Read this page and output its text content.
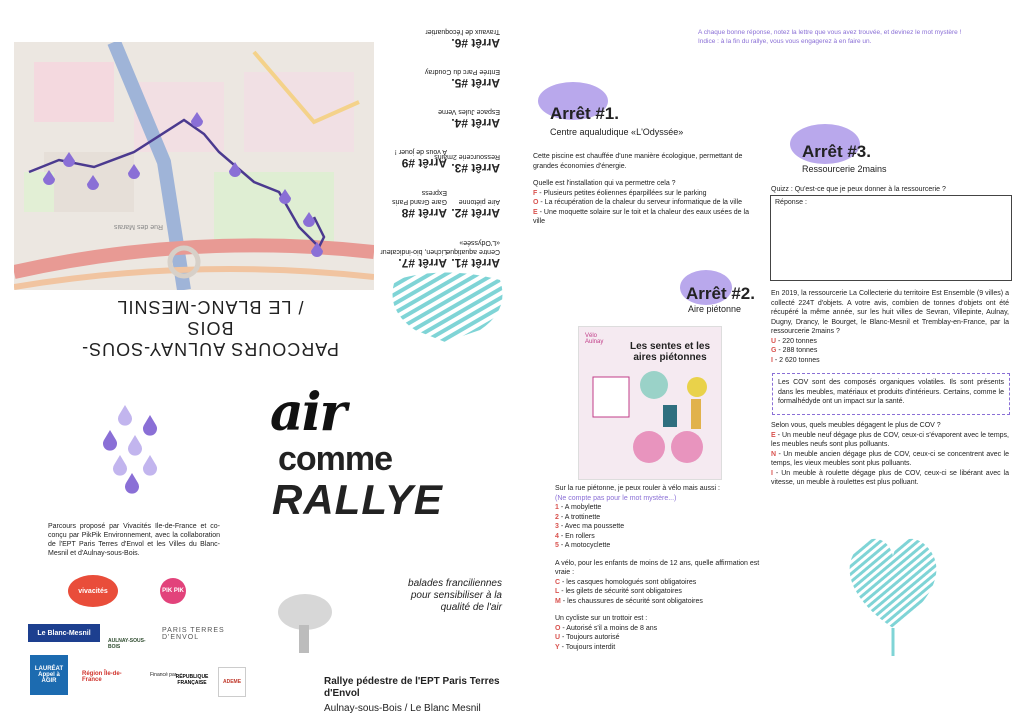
Rue des Marais
PARCOURS AULNAY-SOUS-BOIS
/ LE BLANC-MESNIL
Arrêt #1.
Centre aquatique «L'Odyssée»
Arrêt #2.
Aire piétonne
Arrêt #3.
Ressourcerie 2mains
Arrêt #4.
Espace Jules Verne
Arrêt #5.
Entrée Parc du Coudray
Arrêt #6.
Travaux de l'écoquartier
Arrêt #7.
Lichen, bio-indicateur
Arrêt #8
Gare Grand Paris Express
Arrêt #9
A vous de jouer !
Parcours proposé par Vivacités Ile-de-France et co-conçu par PikPik Environnement, avec la collaboration de l'EPT Paris Terres d'Envol et les Villes du Blanc-Mesnil et d'Aulnay-sous-Bois.
vivacités	PIK PIK
Le Blanc-Mesnil
AULNAY-SOUS-BOIS
PARIS TERRES D'ENVOL
LAURÉAT Appel à AGIR
Région Île-de-France
Financé par RÉPUBLIQUE FRANÇAISE	ADEME
air
comme
RALLYE
balades franciliennes pour sensibiliser à la qualité de l'air
Rallye pédestre de l'EPT Paris Terres d'Envol
Aulnay-sous-Bois / Le Blanc Mesnil
A chaque bonne réponse, notez la lettre que vous avez trouvée, et devinez le mot mystère !
Indice : à la fin du rallye, vous vous engagerez à en faire un.
Arrêt #1.
Centre aqualudique «L'Odyssée»
Cette piscine est chauffée d'une manière écologique, permettant de grandes économies d'énergie.
Quelle est l'installation qui va permettre cela ?
F - Plusieurs petites éoliennes éparpillées sur le parking
O - La récupération de la chaleur du serveur informatique de la ville
E - Une moquette solaire sur le toit et la chaleur des eaux usées de la ville
Arrêt #2.
Aire piétonne
Vélo Aulnay	Les sentes et les aires piétonnes
Sur la rue piétonne, je peux rouler à vélo mais aussi :
(Ne compte pas pour le mot mystère...)
1 - A mobylette
2 - A trottinette
3 - Avec ma poussette
4 - En rollers
5 - A motocyclette
A vélo, pour les enfants de moins de 12 ans, quelle affirmation est vraie :
C - les casques homologués sont obligatoires
L - les gilets de sécurité sont obligatoires
M - les chaussures de sécurité sont obligatoires
Un cycliste sur un trottoir est :
O - Autorisé s'il a moins de 8 ans
U - Toujours autorisé
Y - Toujours interdit
Arrêt #3.
Ressourcerie 2mains
Quizz : Qu'est-ce que je peux donner à la ressourcerie ?
Réponse :
En 2019, la ressourcerie La Collecterie du territoire Est Ensemble (9 villes) a collecté 224T d'objets. A votre avis, combien de tonnes d'objets ont été récupéré la même année, sur les huit villes de Sevran, Villepinte, Aulnay, Dugny, Drancy, le Bourget, le Blanc-Mesnil et Tremblay-en-France, par la ressourcerie 2mains ?
U - 220 tonnes
G - 288 tonnes
I - 2 620 tonnes
Les COV sont des composés organiques volatiles. Ils sont présents dans les meubles, matériaux et produits d'intérieurs. Certains, comme le formalhédyde ont un impact sur la santé.
Selon vous, quels meubles dégagent le plus de COV ?
E - Un meuble neuf dégage plus de COV, ceux-ci s'évaporent avec le temps, les meubles neufs sont plus polluants.
N - Un meuble ancien dégage plus de COV, ceux-ci se concentrent avec le temps, les vieux meubles sont plus polluants.
I - Un meuble à roulette dégage plus de COV, ceux-ci se libérant avec la vitesse, un meuble à roulettes est plus polluant.
